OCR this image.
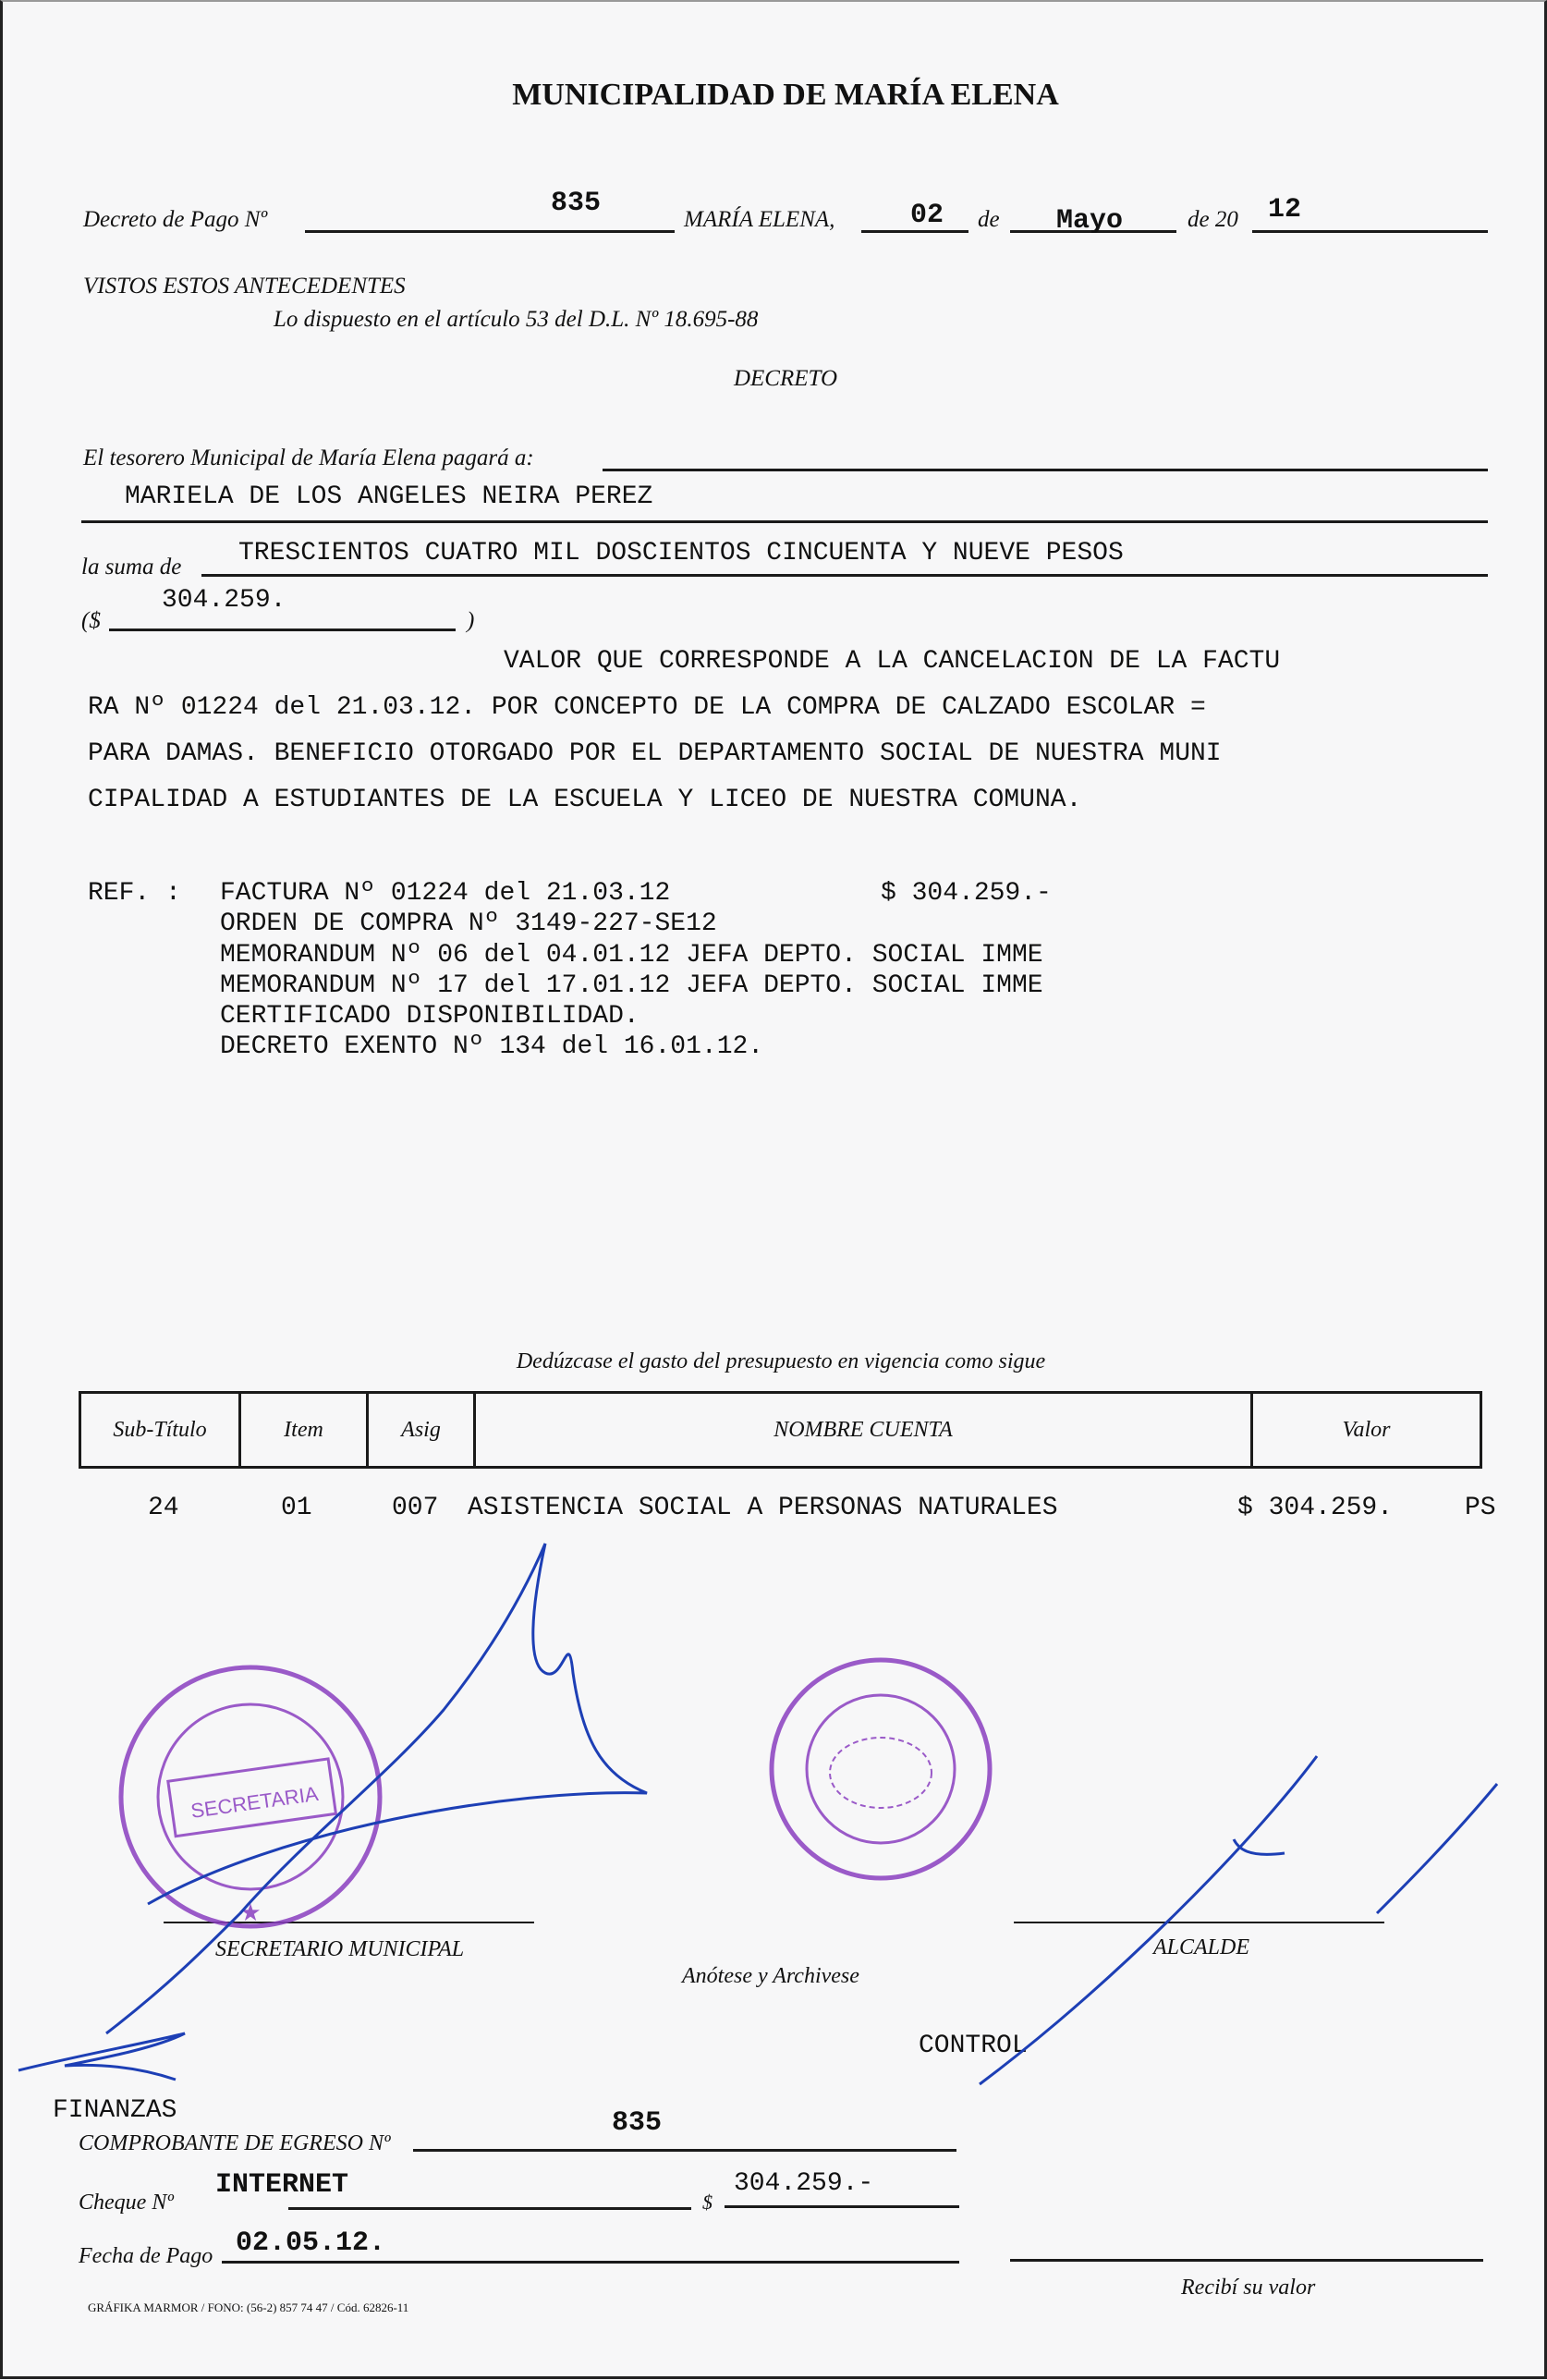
MUNICIPALIDAD DE MARÍA ELENA
Decreto de Pago Nº
835
MARÍA ELENA,	02 de Mayo	de 20 12
VISTOS ESTOS ANTECEDENTES
Lo dispuesto en el artículo 53 del D.L. Nº 18.695-88
DECRETO
El tesorero Municipal de María Elena pagará a:
MARIELA DE LOS ANGELES NEIRA PEREZ
la suma de TRESCIENTOS CUATRO MIL DOSCIENTOS CINCUENTA Y NUEVE PESOS
($	)
304.259.
VALOR QUE CORRESPONDE A LA CANCELACION DE LA FACTU
RA Nº 01224 del 21.03.12. POR CONCEPTO DE LA COMPRA DE CALZADO ESCOLAR =
PARA DAMAS. BENEFICIO OTORGADO POR EL DEPARTAMENTO SOCIAL DE NUESTRA MUNI
CIPALIDAD A ESTUDIANTES DE LA ESCUELA Y LICEO DE NUESTRA COMUNA.
REF. :	$ 304.259.-
FACTURA Nº 01224 del 21.03.12
ORDEN DE COMPRA Nº 3149-227-SE12
MEMORANDUM Nº 06 del 04.01.12 JEFA DEPTO. SOCIAL IMME
MEMORANDUM Nº 17 del 17.01.12 JEFA DEPTO. SOCIAL IMME
CERTIFICADO DISPONIBILIDAD.
DECRETO EXENTO Nº 134 del 16.01.12.
Dedúzcase el gasto del presupuesto en vigencia como sigue
Sub-Título	Item	Asig	NOMBRE CUENTA	Valor
24	01	007 ASISTENCIA SOCIAL A PERSONAS NATURALES	$ 304.259.	PS
SECRETARIO MUNICIPAL	ALCALDE
Anótese y Archivese
CONTROL
FINANZAS
COMPROBANTE DE EGRESO Nº
835
Cheque Nº
INTERNET
$
304.259.-
Fecha de Pago 02.05.12.
Recibí su valor
GRÁFIKA MARMOR / FONO: (56-2) 857 74 47 / Cód. 62826-11
SECRETARIA
★
